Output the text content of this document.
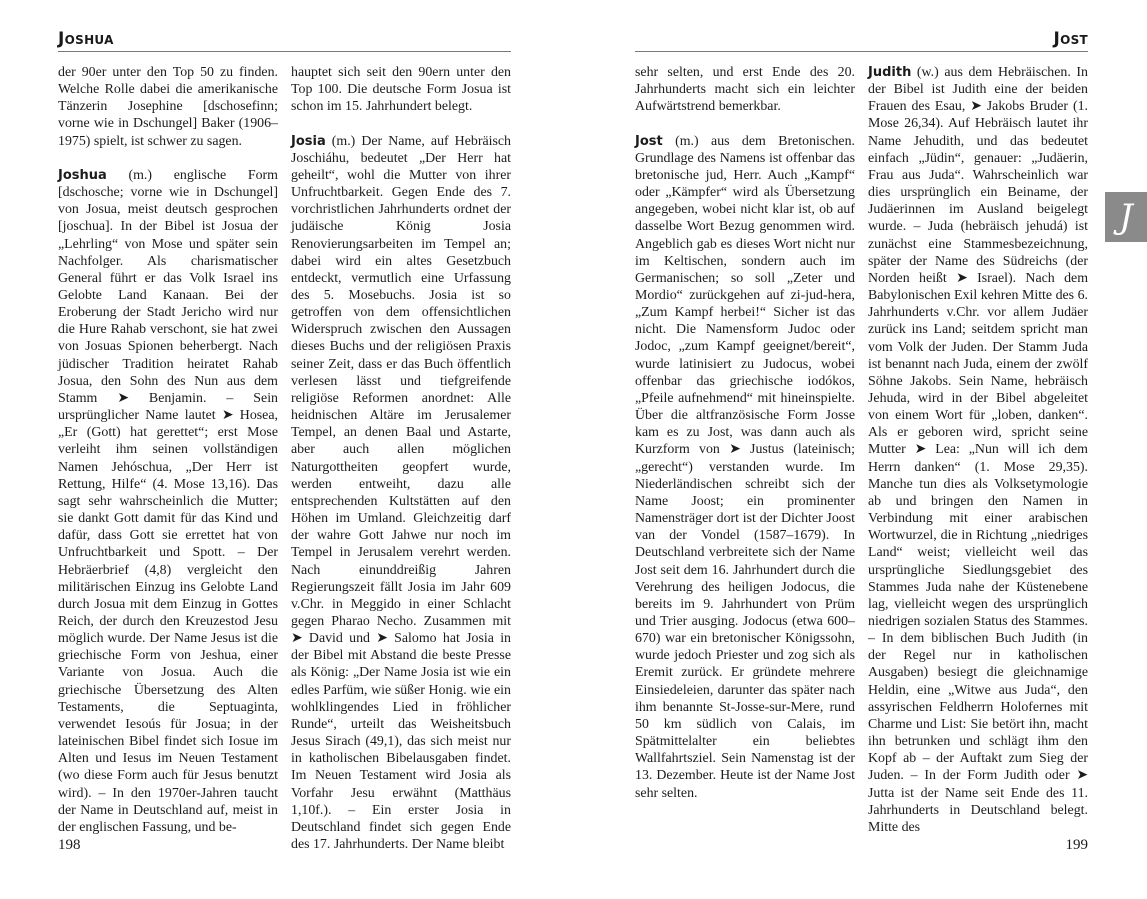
Joshua

der 90er unter den Top 50 zu finden. Welche Rolle dabei die amerikanische Tänzerin Josephine [dschosefinn; vorne wie in Dschungel] Baker (1906–1975) spielt, ist schwer zu sagen.

Joshua (m.) englische Form [dschosche; vorne wie in Dschungel] von Josua, meist deutsch gesprochen [joschua]. In der Bibel ist Josua der „Lehrling“ von Mose und später sein Nachfolger. Als charismatischer General führt er das Volk Israel ins Gelobte Land Kanaan. Bei der Eroberung der Stadt Jericho wird nur die Hure Rahab verschont, sie hat zwei von Josuas Spionen beherbergt. Nach jüdischer Tradition heiratet Rahab Josua, den Sohn des Nun aus dem Stamm ➤ Benjamin. – Sein ursprünglicher Name lautet ➤ Hosea, „Er (Gott) hat gerettet“; erst Mose verleiht ihm seinen vollständigen Namen Jehóschua, „Der Herr ist Rettung, Hilfe“ (4. Mose 13,16). Das sagt sehr wahrscheinlich die Mutter; sie dankt Gott damit für das Kind und dafür, dass Gott sie errettet hat von Unfruchtbarkeit und Spott. – Der Hebräerbrief (4,8) vergleicht den militärischen Einzug ins Gelobte Land durch Josua mit dem Einzug in Gottes Reich, der durch den Kreuzestod Jesu möglich wurde. Der Name Jesus ist die griechische Form von Jeshua, einer Variante von Josua. Auch die griechische Übersetzung des Alten Testaments, die Septuaginta, verwendet Iesoús für Josua; in der lateinischen Bibel findet sich Iosue im Alten und Iesus im Neuen Testament (wo diese Form auch für Jesus benutzt wird). – In den 1970er-Jahren taucht der Name in Deutschland auf, meist in der englischen Fassung, und be-

hauptet sich seit den 90ern unter den Top 100. Die deutsche Form Josua ist schon im 15. Jahrhundert belegt.

Josia (m.) Der Name, auf Hebräisch Joschiáhu, bedeutet „Der Herr hat geheilt“, wohl die Mutter von ihrer Unfruchtbarkeit. Gegen Ende des 7. vorchristlichen Jahrhunderts ordnet der judäische König Josia Renovierungsarbeiten im Tempel an; dabei wird ein altes Gesetzbuch entdeckt, vermutlich eine Urfassung des 5. Mosebuchs. Josia ist so getroffen von dem offensichtlichen Widerspruch zwischen den Aussagen dieses Buchs und der religiösen Praxis seiner Zeit, dass er das Buch öffentlich verlesen lässt und tiefgreifende religiöse Reformen anordnet: Alle heidnischen Altäre im Jerusalemer Tempel, an denen Baal und Astarte, aber auch allen möglichen Naturgottheiten geopfert wurde, werden entweiht, dazu alle entsprechenden Kultstätten auf den Höhen im Umland. Gleichzeitig darf der wahre Gott Jahwe nur noch im Tempel in Jerusalem verehrt werden. Nach einunddreißig Jahren Regierungszeit fällt Josia im Jahr 609 v.Chr. in Meggido in einer Schlacht gegen Pharao Necho. Zusammen mit ➤ David und ➤ Salomo hat Josia in der Bibel mit Abstand die beste Presse als König: „Der Name Josia ist wie ein edles Parfüm, wie süßer Honig. wie ein wohlklingendes Lied in fröhlicher Runde“, urteilt das Weisheitsbuch Jesus Sirach (49,1), das sich meist nur in katholischen Bibelausgaben findet. Im Neuen Testament wird Josia als Vorfahr Jesu erwähnt (Matthäus 1,10f.). – Ein erster Josia in Deutschland findet sich gegen Ende des 17. Jahrhunderts. Der Name bleibt

198
Jost

sehr selten, und erst Ende des 20. Jahrhunderts macht sich ein leichter Aufwärtstrend bemerkbar.

Jost (m.) aus dem Bretonischen. Grundlage des Namens ist offenbar das bretonische jud, Herr. Auch „Kampf“ oder „Kämpfer“ wird als Übersetzung angegeben, wobei nicht klar ist, ob auf dasselbe Wort Bezug genommen wird. Angeblich gab es dieses Wort nicht nur im Keltischen, sondern auch im Germanischen; so soll „Zeter und Mordio“ zurückgehen auf zi-jud-hera, „Zum Kampf herbei!“ Sicher ist das nicht. Die Namensform Judoc oder Jodoc, „zum Kampf geeignet/bereit“, wurde latinisiert zu Judocus, wobei offenbar das griechische iodókos, „Pfeile aufnehmend“ mit hineinspielte. Über die altfranzösische Form Josse kam es zu Jost, was dann auch als Kurzform von ➤ Justus (lateinisch; „gerecht“) verstanden wurde. Im Niederländischen schreibt sich der Name Joost; ein prominenter Namensträger dort ist der Dichter Joost van der Vondel (1587–1679). In Deutschland verbreitete sich der Name Jost seit dem 16. Jahrhundert durch die Verehrung des heiligen Jodocus, die bereits im 9. Jahrhundert von Prüm und Trier ausging. Jodocus (etwa 600–670) war ein bretonischer Königssohn, wurde jedoch Priester und zog sich als Eremit zurück. Er gründete mehrere Einsiedeleien, darunter das später nach ihm benannte St-Josse-sur-Mere, rund 50 km südlich von Calais, im Spätmittelalter ein beliebtes Wallfahrtsziel. Sein Namenstag ist der 13. Dezember. Heute ist der Name Jost sehr selten.

Judith (w.) aus dem Hebräischen. In der Bibel ist Judith eine der beiden Frauen des Esau, ➤ Jakobs Bruder (1. Mose 26,34). Auf Hebräisch lautet ihr Name Jehudith, und das bedeutet einfach „Jüdin“, genauer: „Judäerin, Frau aus Juda“. Wahrscheinlich war dies ursprünglich ein Beiname, der Judäerinnen im Ausland beigelegt wurde. – Juda (hebräisch jehudá) ist zunächst eine Stammesbezeichnung, später der Name des Südreichs (der Norden heißt ➤ Israel). Nach dem Babylonischen Exil kehren Mitte des 6. Jahrhunderts v.Chr. vor allem Judäer zurück ins Land; seitdem spricht man vom Volk der Juden. Der Stamm Juda ist benannt nach Juda, einem der zwölf Söhne Jakobs. Sein Name, hebräisch Jehuda, wird in der Bibel abgeleitet von einem Wort für „loben, danken“. Als er geboren wird, spricht seine Mutter ➤ Lea: „Nun will ich dem Herrn danken“ (1. Mose 29,35). Manche tun dies als Volksetymologie ab und bringen den Namen in Verbindung mit einer arabischen Wortwurzel, die in Richtung „niedriges Land“ weist; vielleicht weil das ursprüngliche Siedlungsgebiet des Stammes Juda nahe der Küstenebene lag, vielleicht wegen des ursprünglich niedrigen sozialen Status des Stammes. – In dem biblischen Buch Judith (in der Regel nur in katholischen Ausgaben) besiegt die gleichnamige Heldin, eine „Witwe aus Juda“, den assyrischen Feldherrn Holofernes mit Charme und List: Sie betört ihn, macht ihn betrunken und schlägt ihm den Kopf ab – der Auftakt zum Sieg der Juden. – In der Form Judith oder ➤ Jutta ist der Name seit Ende des 11. Jahrhunderts in Deutschland belegt. Mitte des

199
J
